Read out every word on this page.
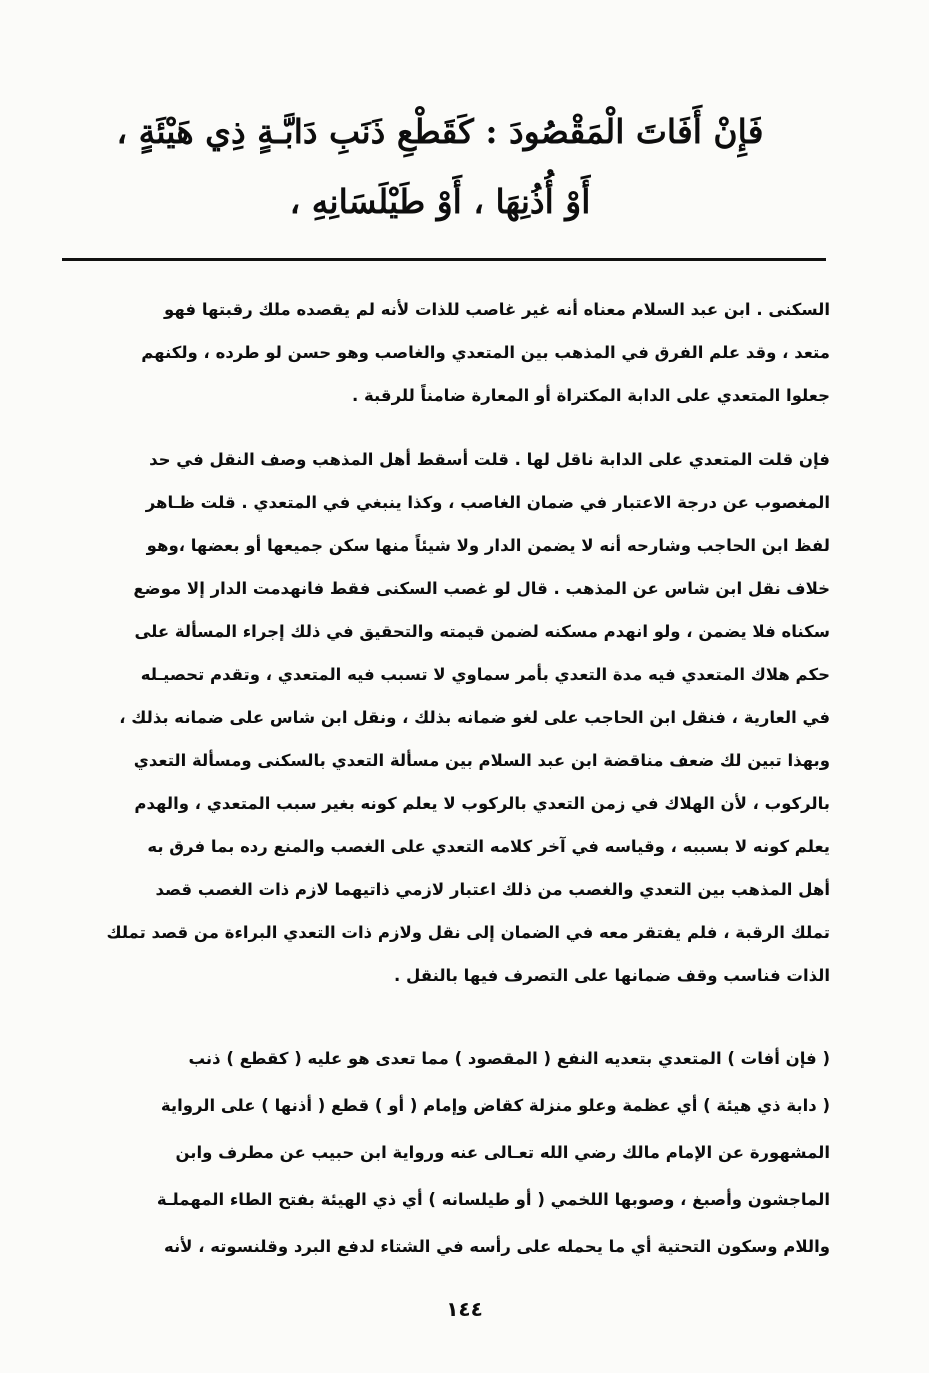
فَإِنْ أَفَاتَ الْمَقْصُودَ : كَقَطْعِ ذَنَبِ دَابَّـةٍ ذِي هَيْئَةٍ ،
أَوْ أُذُنِهَا ، أَوْ طَيْلَسَانِهِ ،
السكنى . ابن عبد السلام معناه أنه غير غاصب للذات لأنه لم يقصده ملك رقبتها فهو
متعد ، وقد علم الفرق في المذهب بين المتعدي والغاصب وهو حسن لو طرده ، ولكنهم
جعلوا المتعدي على الدابة المكتراة أو المعارة ضامناً للرقبة .
فإن قلت المتعدي على الدابة ناقل لها . قلت أسقط أهل المذهب وصف النقل في حد
المغصوب عن درجة الاعتبار في ضمان الغاصب ، وكذا ينبغي في المتعدي . قلت ظـاهر
لفظ ابن الحاجب وشارحه أنه لا يضمن الدار ولا شيئاً منها سكن جميعها أو بعضها ،وهو
خلاف نقل ابن شاس عن المذهب . قال لو غصب السكنى فقط فانهدمت الدار إلا موضع
سكناه فلا يضمن ، ولو انهدم مسكنه لضمن قيمته والتحقيق في ذلك إجراء المسألة على
حكم هلاك المتعدي فيه مدة التعدي بأمر سماوي لا تسبب فيه المتعدي ، وتقدم تحصيـله
في العارية ، فنقل ابن الحاجب على لغو ضمانه بذلك ، ونقل ابن شاس على ضمانه بذلك ،
وبهذا تبين لك ضعف مناقضة ابن عبد السلام بين مسألة التعدي بالسكنى ومسألة التعدي
بالركوب ، لأن الهلاك في زمن التعدي بالركوب لا يعلم كونه بغير سبب المتعدي ، والهدم
يعلم كونه لا بسببه ، وقياسه في آخر كلامه التعدي على الغصب والمنع رده بما فرق به
أهل المذهب بين التعدي والغصب من ذلك اعتبار لازمي ذاتيهما لازم ذات الغصب قصد
تملك الرقبة ، فلم يفتقر معه في الضمان إلى نقل ولازم ذات التعدي البراءة من قصد تملك
الذات فناسب وقف ضمانها على التصرف فيها بالنقل .
( فإن أفات ) المتعدي بتعديه النفع ( المقصود ) مما تعدى هو عليه ( كقطع ) ذنب
( دابة ذي هيئة ) أي عظمة وعلو منزلة كقاض وإمام ( أو ) قطع ( أذنها ) على الرواية
المشهورة عن الإمام مالك رضي الله تعـالى عنه ورواية ابن حبيب عن مطرف وابن
الماجشون وأصبغ ، وصوبها اللخمي ( أو طيلسانه ) أي ذي الهيئة بفتح الطاء المهملـة
واللام وسكون التحتية أي ما يحمله على رأسه في الشتاء لدفع البرد وقلنسوته ، لأنه
١٤٤
